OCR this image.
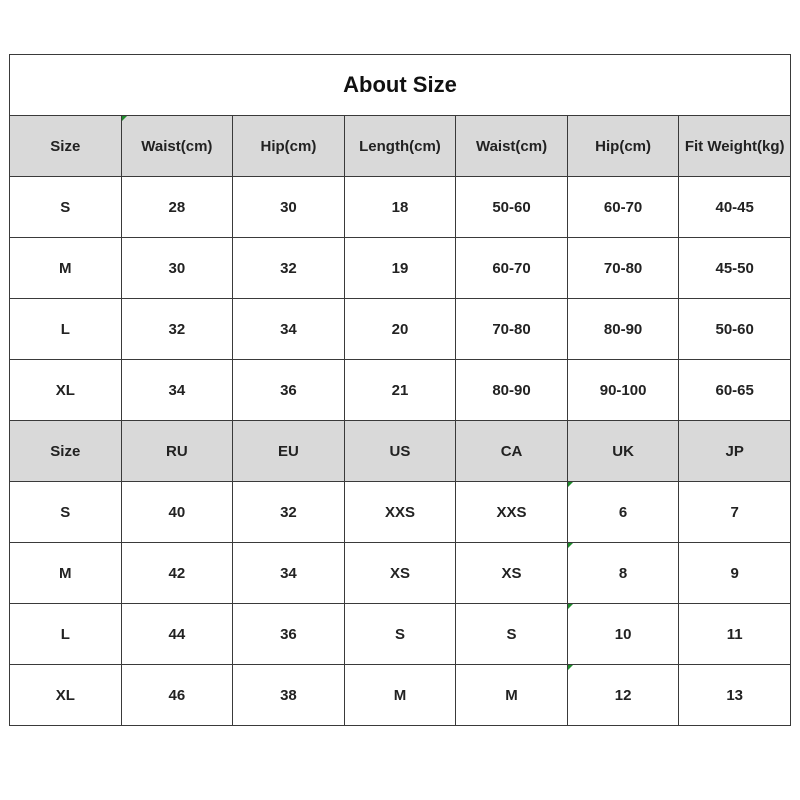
About Size						
Size	Waist(cm)	Hip(cm)	Length(cm)	Waist(cm)	Hip(cm)	Fit Weight(kg)
S	28	30	18	50-60	60-70	40-45
M	30	32	19	60-70	70-80	45-50
L	32	34	20	70-80	80-90	50-60
XL	34	36	21	80-90	90-100	60-65
Size	RU	EU	US	CA	UK	JP
S	40	32	XXS	XXS	6	7
M	42	34	XS	XS	8	9
L	44	36	S	S	10	11
XL	46	38	M	M	12	13
